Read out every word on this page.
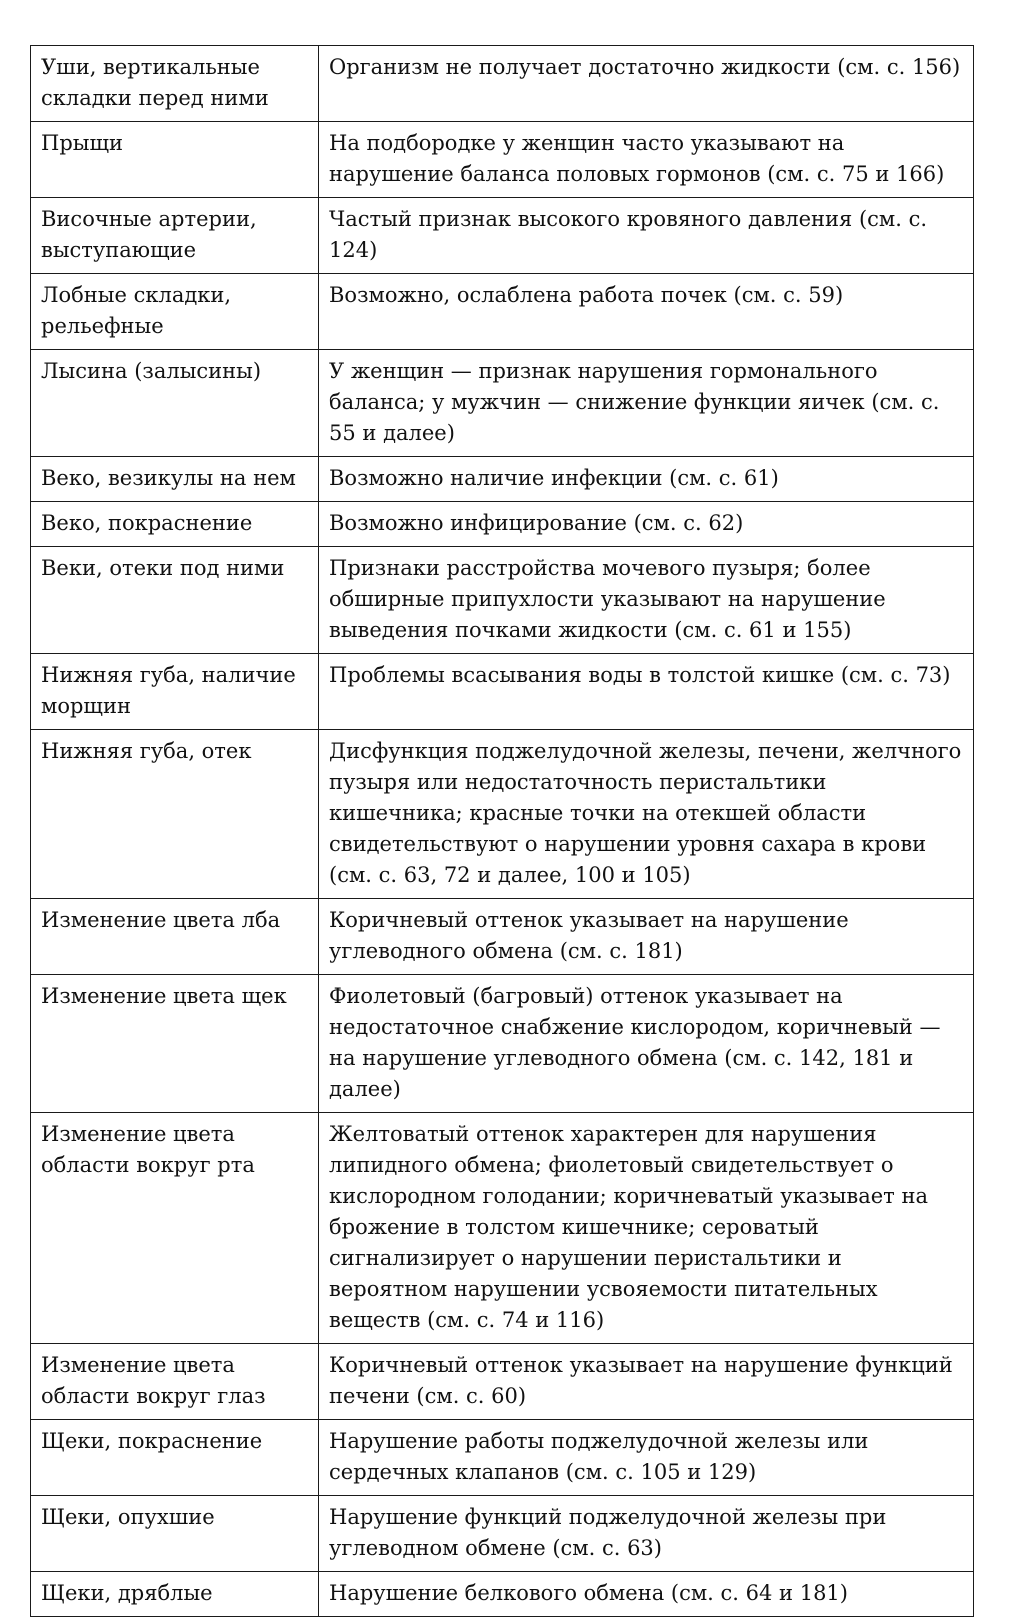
Уши, вертикальные складки перед ними	Организм не получает достаточно жидкости (см. с. 156)
Прыщи	На подбородке у женщин часто указывают на нарушение баланса половых гормонов (см. с. 75 и 166)
Височные артерии, выступающие	Частый признак высокого кровяного давления (см. с. 124)
Лобные складки, рельефные	Возможно, ослаблена работа почек (см. с. 59)
Лысина (залысины)	У женщин — признак нарушения гормонального баланса; у мужчин — снижение функции яичек (см. с. 55 и далее)
Веко, везикулы на нем	Возможно наличие инфекции (см. с. 61)
Веко, покраснение	Возможно инфицирование (см. с. 62)
Веки, отеки под ними	Признаки расстройства мочевого пузыря; более обширные припухлости указывают на нарушение выведения почками жидкости (см. с. 61 и 155)
Нижняя губа, наличие морщин	Проблемы всасывания воды в толстой кишке (см. с. 73)
Нижняя губа, отек	Дисфункция поджелудочной железы, печени, желчного пузыря или недостаточность перистальтики кишечника; красные точки на отекшей области свидетельствуют о нарушении уровня сахара в крови (см. с. 63, 72 и далее, 100 и 105)
Изменение цвета лба	Коричневый оттенок указывает на нарушение углеводного обмена (см. с. 181)
Изменение цвета щек	Фиолетовый (багровый) оттенок указывает на недостаточное снабжение кислородом, коричневый — на нарушение углеводного обмена (см. с. 142, 181 и далее)
Изменение цвета области вокруг рта	Желтоватый оттенок характерен для нарушения липидного обмена; фиолетовый свидетельствует о кислородном голодании; коричневатый указывает на брожение в толстом кишечнике; сероватый сигнализирует о нарушении перистальтики и вероятном нарушении усвояемости питательных веществ (см. с. 74 и 116)
Изменение цвета области вокруг глаз	Коричневый оттенок указывает на нарушение функций печени (см. с. 60)
Щеки, покраснение	Нарушение работы поджелудочной железы или сердечных клапанов (см. с. 105 и 129)
Щеки, опухшие	Нарушение функций поджелудочной железы при углеводном обмене (см. с. 63)
Щеки, дряблые	Нарушение белкового обмена (см. с. 64 и 181)
